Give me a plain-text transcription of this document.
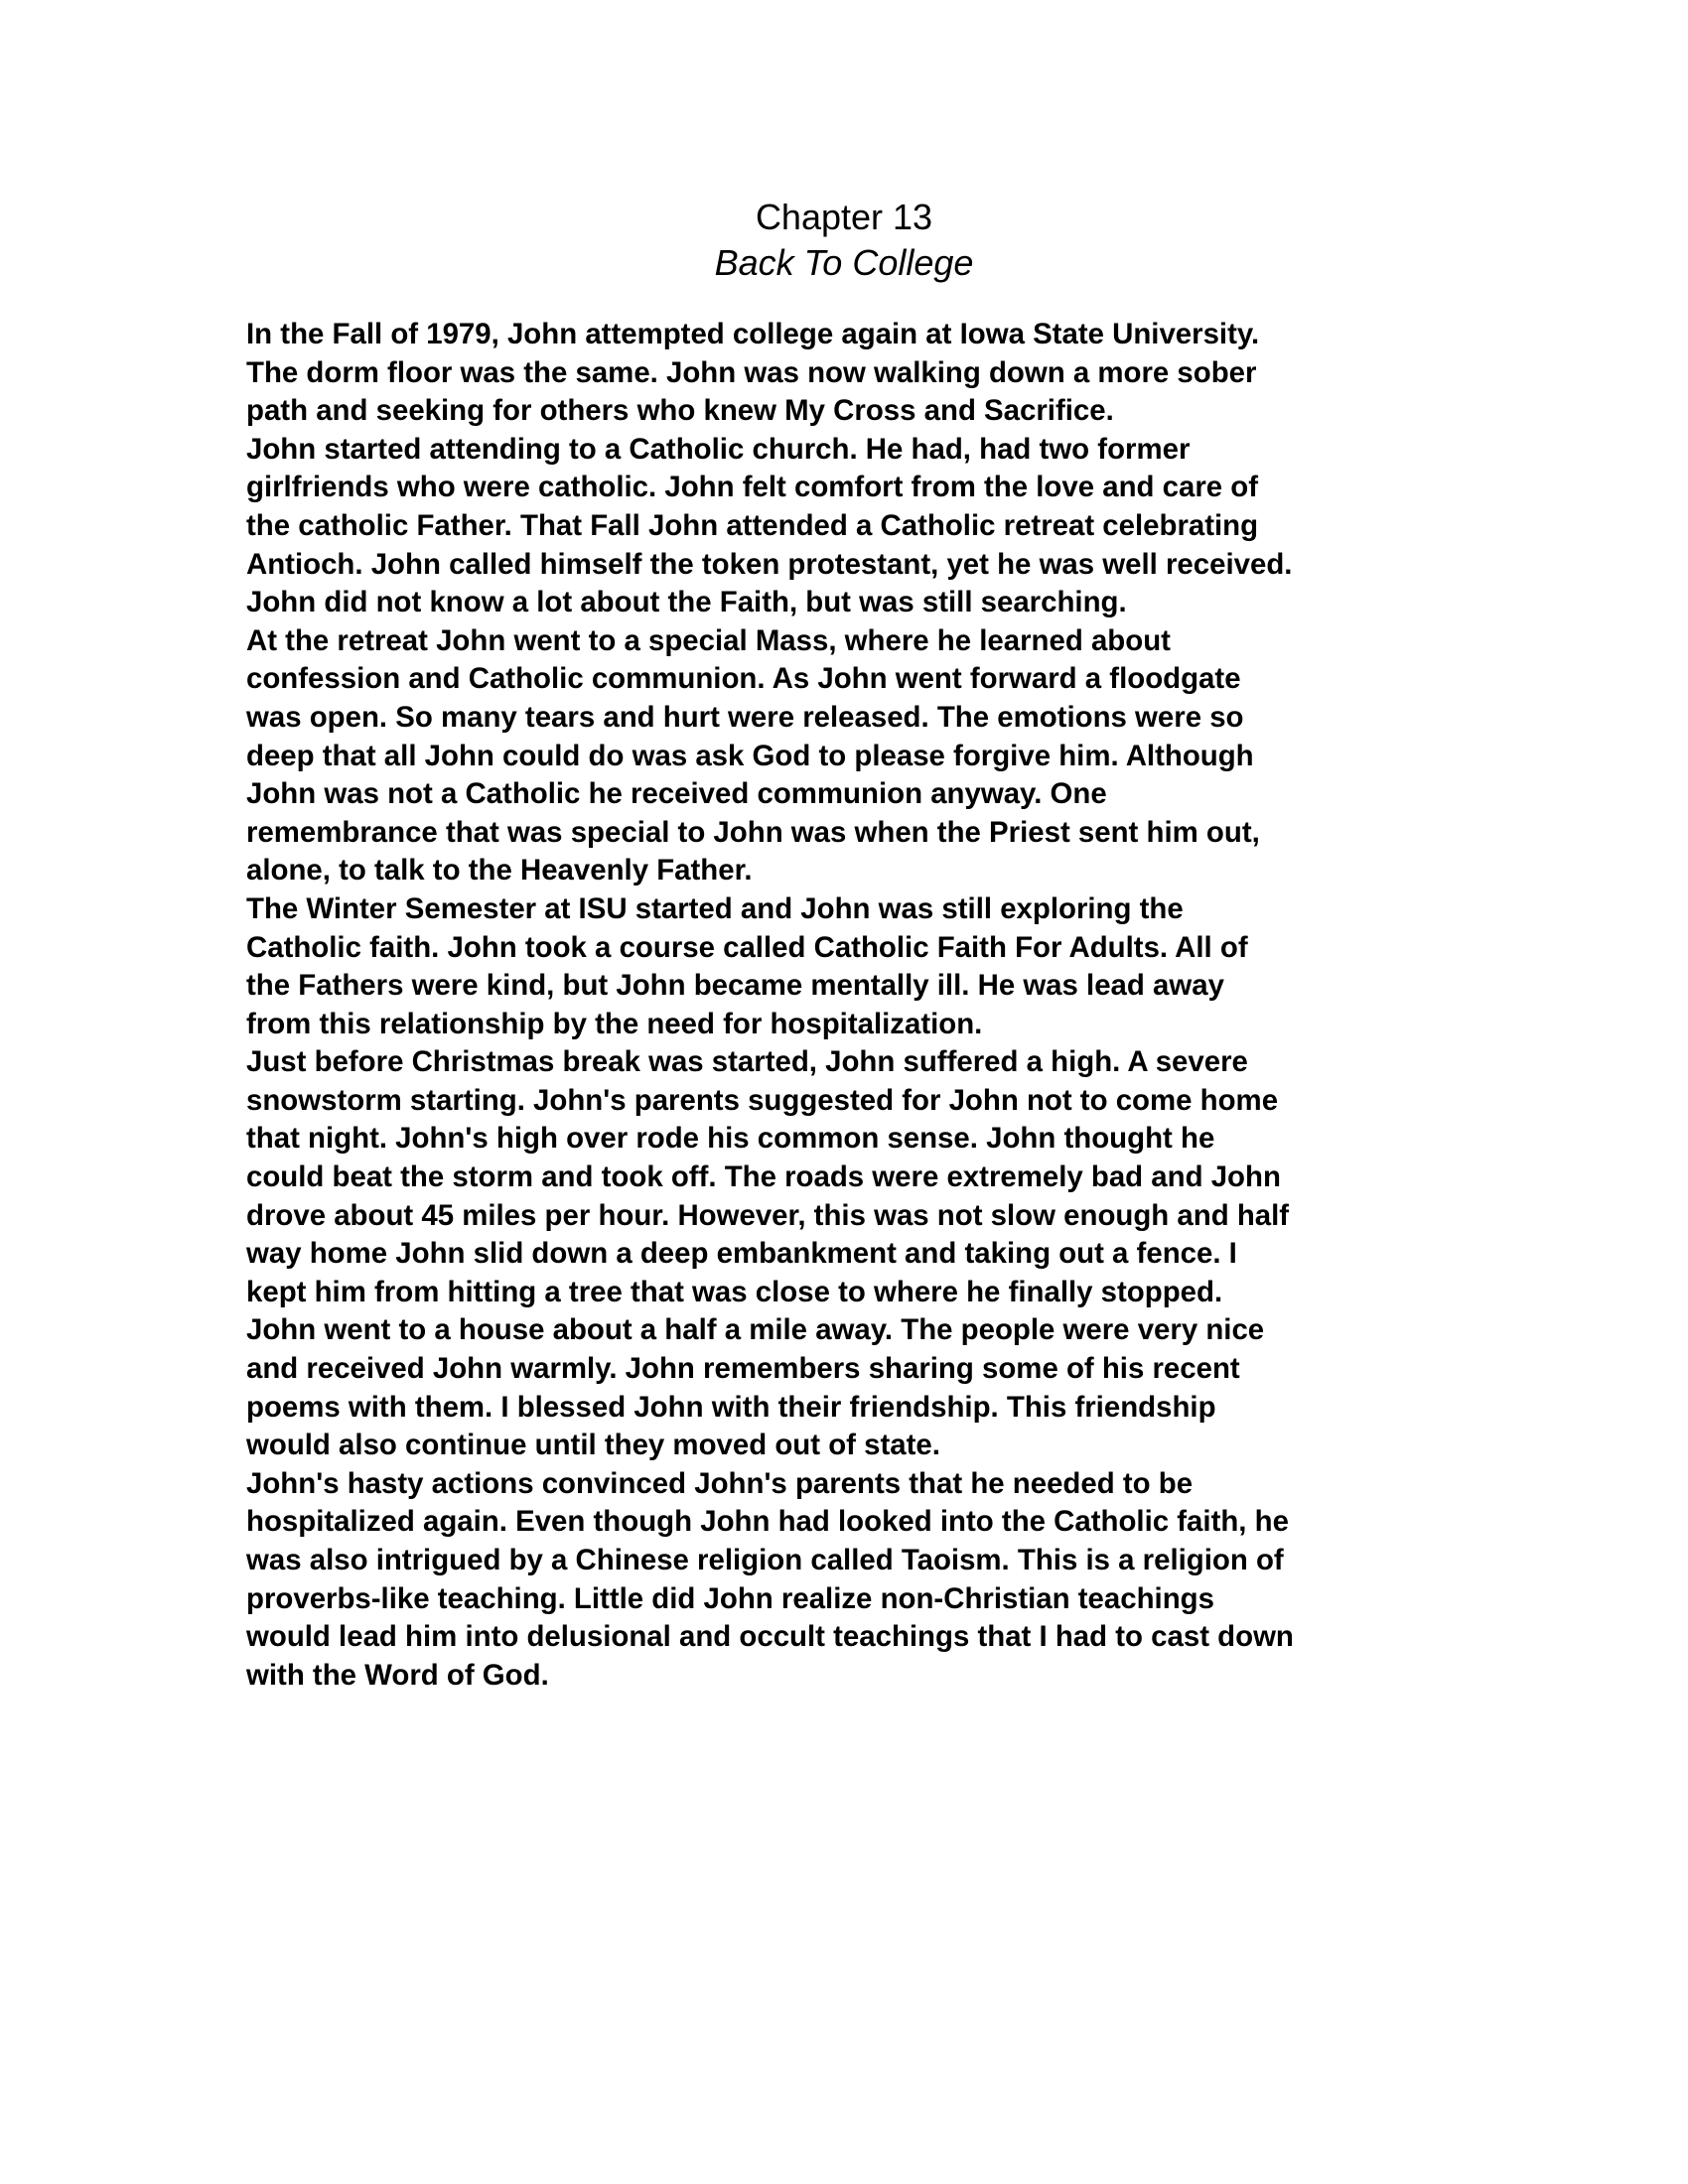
Chapter 13
Back To College

In the Fall of 1979, John attempted college again at Iowa State University.
The dorm floor was the same. John was now walking down a more sober
path and seeking for others who knew My Cross and Sacrifice.

John started attending to a Catholic church. He had, had two former
girlfriends who were catholic. John felt comfort from the love and care of
the catholic Father. That Fall John attended a Catholic retreat celebrating
Antioch. John called himself the token protestant, yet he was well received.
John did not know a lot about the Faith, but was still searching.

At the retreat John went to a special Mass, where he learned about
confession and Catholic communion. As John went forward a floodgate
was open. So many tears and hurt were released. The emotions were so
deep that all John could do was ask God to please forgive him. Although
John was not a Catholic he received communion anyway. One
remembrance that was special to John was when the Priest sent him out,
alone, to talk to the Heavenly Father.

The Winter Semester at ISU started and John was still exploring the
Catholic faith. John took a course called Catholic Faith For Adults. All of
the Fathers were kind, but John became mentally ill. He was lead away
from this relationship by the need for hospitalization.

Just before Christmas break was started, John suffered a high. A severe
snowstorm starting. John's parents suggested for John not to come home
that night. John's high over rode his common sense. John thought he
could beat the storm and took off. The roads were extremely bad and John
drove about 45 miles per hour. However, this was not slow enough and half
way home John slid down a deep embankment and taking out a fence. I
kept him from hitting a tree that was close to where he finally stopped.
John went to a house about a half a mile away. The people were very nice
and received John warmly. John remembers sharing some of his recent
poems with them. I blessed John with their friendship. This friendship
would also continue until they moved out of state.

John's hasty actions convinced John's parents that he needed to be
hospitalized again. Even though John had looked into the Catholic faith, he
was also intrigued by a Chinese religion called Taoism. This is a religion of
proverbs-like teaching. Little did John realize non-Christian teachings
would lead him into delusional and occult teachings that I had to cast down
with the Word of God.
